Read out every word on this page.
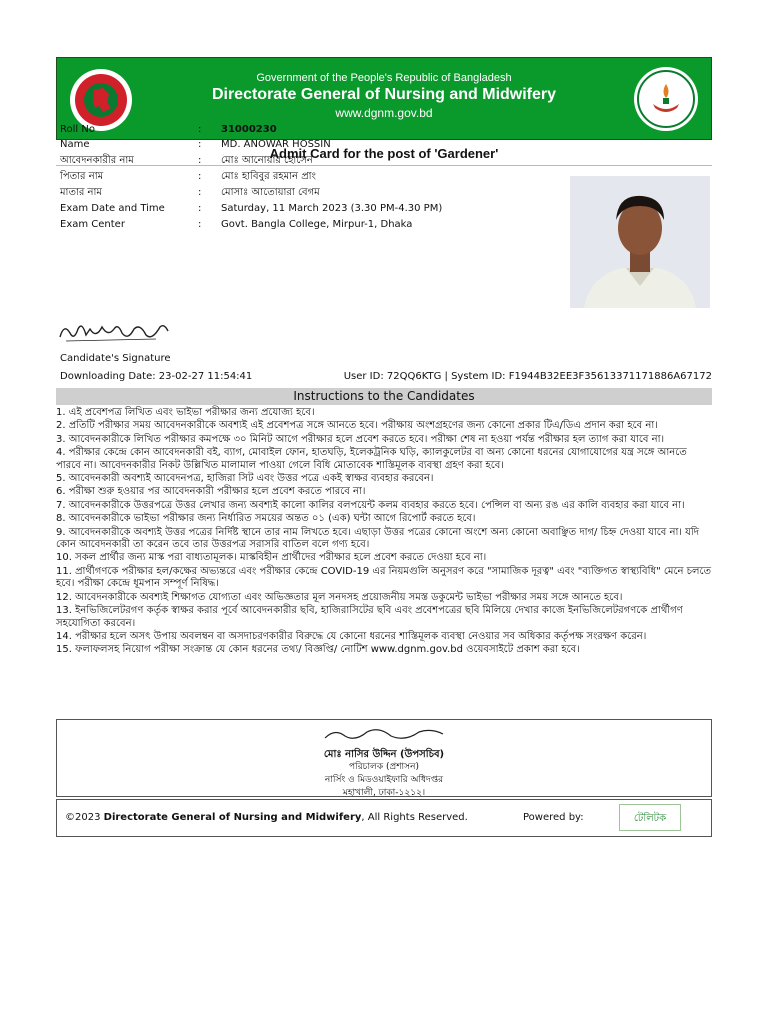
Government of the People's Republic of Bangladesh
Directorate General of Nursing and Midwifery
www.dgnm.gov.bd
Admit Card for the post of 'Gardener'
Roll No	: 31000230
Name	: MD. ANOWAR HOSSIN
আবেদনকারীর নাম	: মোঃ আনোয়ার হোসেন
পিতার নাম	: মোঃ হাবিবুর রহমান প্রাং
মাতার নাম	: মোসাঃ আতোয়ারা বেগম
Exam Date and Time	: Saturday, 11 March 2023 (3.30 PM-4.30 PM)
Exam Center	: Govt. Bangla College, Mirpur-1, Dhaka
Candidate's Signature
Downloading Date: 23-02-27 11:54:41	User ID: 72QQ6KTG | System ID: F1944B32EE3F35613371171886A67172
Instructions to the Candidates
1. এই প্রবেশপত্র লিখিত এবং ভাইভা পরীক্ষার জন্য প্রযোজ্য হবে।
2. প্রতিটি পরীক্ষার সময় আবেদনকারীকে অবশ্যই এই প্রবেশপত্র সঙ্গে আনতে হবে। পরীক্ষায় অংশগ্রহণের জন্য কোনো প্রকার টিএ/ডিএ প্রদান করা হবে না।
3. আবেদনকারীকে লিখিত পরীক্ষার কমপক্ষে ৩০ মিনিট আগে পরীক্ষার হলে প্রবেশ করতে হবে। পরীক্ষা শেষ না হওয়া পর্যন্ত পরীক্ষার হল ত্যাগ করা যাবে না।
4. পরীক্ষার কেন্দ্রে কোন আবেদনকারী বই, ব্যাগ, মোবাইল ফোন, হাতঘড়ি, ইলেকট্রনিক ঘড়ি, ক্যালকুলেটর বা অন্য কোনো ধরনের যোগাযোগের যন্ত্র সঙ্গে আনতে পারবে না। আবেদনকারীর নিকট উল্লিখিত মালামাল পাওয়া গেলে বিধি মোতাবেক শাস্তিমূলক ব্যবস্থা গ্রহণ করা হবে।
5. আবেদনকারী অবশ্যই আবেদনপত্র, হাজিরা সিট এবং উত্তর পত্রে একই স্বাক্ষর ব্যবহার করবেন।
6. পরীক্ষা শুরু হওয়ার পর আবেদনকারী পরীক্ষার হলে প্রবেশ করতে পারবে না।
7. আবেদনকারীকে উত্তরপত্রে উত্তর লেখার জন্য অবশ্যই কালো কালির বলপয়েন্ট কলম ব্যবহার করতে হবে। পেন্সিল বা অন্য রঙ এর কালি ব্যবহার করা যাবে না।
8. আবেদনকারীকে ভাইভা পরীক্ষার জন্য নির্ধারিত সময়ের অন্তত ০১ (এক) ঘন্টা আগে রিপোর্ট করতে হবে।
9. আবেদনকারীকে অবশ্যই উত্তর পত্রের নির্দিষ্ট স্থানে তার নাম লিখতে হবে। এছাড়া উত্তর পত্রের কোনো অংশে অন্য কোনো অবাঞ্ছিত দাগ/ চিহ্ন দেওয়া যাবে না। যদি কোন আবেদনকারী তা করেন তবে তার উত্তরপত্র সরাসরি বাতিল বলে গণ্য হবে।
10. সকল প্রার্থীর জন্য মাস্ক পরা বাধ্যতামূলক। মাস্কবিহীন প্রার্থীদের পরীক্ষার হলে প্রবেশ করতে দেওয়া হবে না।
11. প্রার্থীগণকে পরীক্ষার হল/কক্ষের অভ্যন্তরে এবং পরীক্ষার কেন্দ্রে COVID-19 এর নিয়মগুলি অনুসরণ করে "সামাজিক দূরত্ব" এবং "ব্যক্তিগত স্বাস্থ্যবিধি" মেনে চলতে হবে। পরীক্ষা কেন্দ্রে ধূমপান সম্পূর্ণ নিষিদ্ধ।
12. আবেদনকারীকে অবশ্যই শিক্ষাগত যোগ্যতা এবং অভিজ্ঞতার মূল সনদসহ প্রয়োজনীয় সমস্ত ডকুমেন্ট ভাইভা পরীক্ষার সময় সঙ্গে আনতে হবে।
13. ইনভিজিলেটরগণ কর্তৃক স্বাক্ষর করার পূর্বে আবেদনকারীর ছবি, হাজিরাসিটের ছবি এবং প্রবেশপত্রের ছবি মিলিয়ে দেখার কাজে ইনভিজিলেটরগণকে প্রার্থীগণ সহযোগিতা করবেন।
14. পরীক্ষার হলে অসৎ উপায় অবলম্বন বা অসদাচরণকারীর বিরুদ্ধে যে কোনো ধরনের শাস্তিমূলক ব্যবস্থা নেওয়ার সব অধিকার কর্তৃপক্ষ সংরক্ষণ করেন।
15. ফলাফলসহ নিয়োগ পরীক্ষা সংক্রান্ত যে কোন ধরনের তথ্য/ বিজ্ঞপ্তি/ নোটিশ www.dgnm.gov.bd ওয়েবসাইটে প্রকাশ করা হবে।
মোঃ নাসির উদ্দিন (উপসচিব)
পরিচালক (প্রশাসন)
নার্সিং ও মিডওয়াইফারি অধিদপ্তর
মহাখালী, ঢাকা-১২১২।
©2023 Directorate General of Nursing and Midwifery, All Rights Reserved.	Powered by:	টেলিটক
